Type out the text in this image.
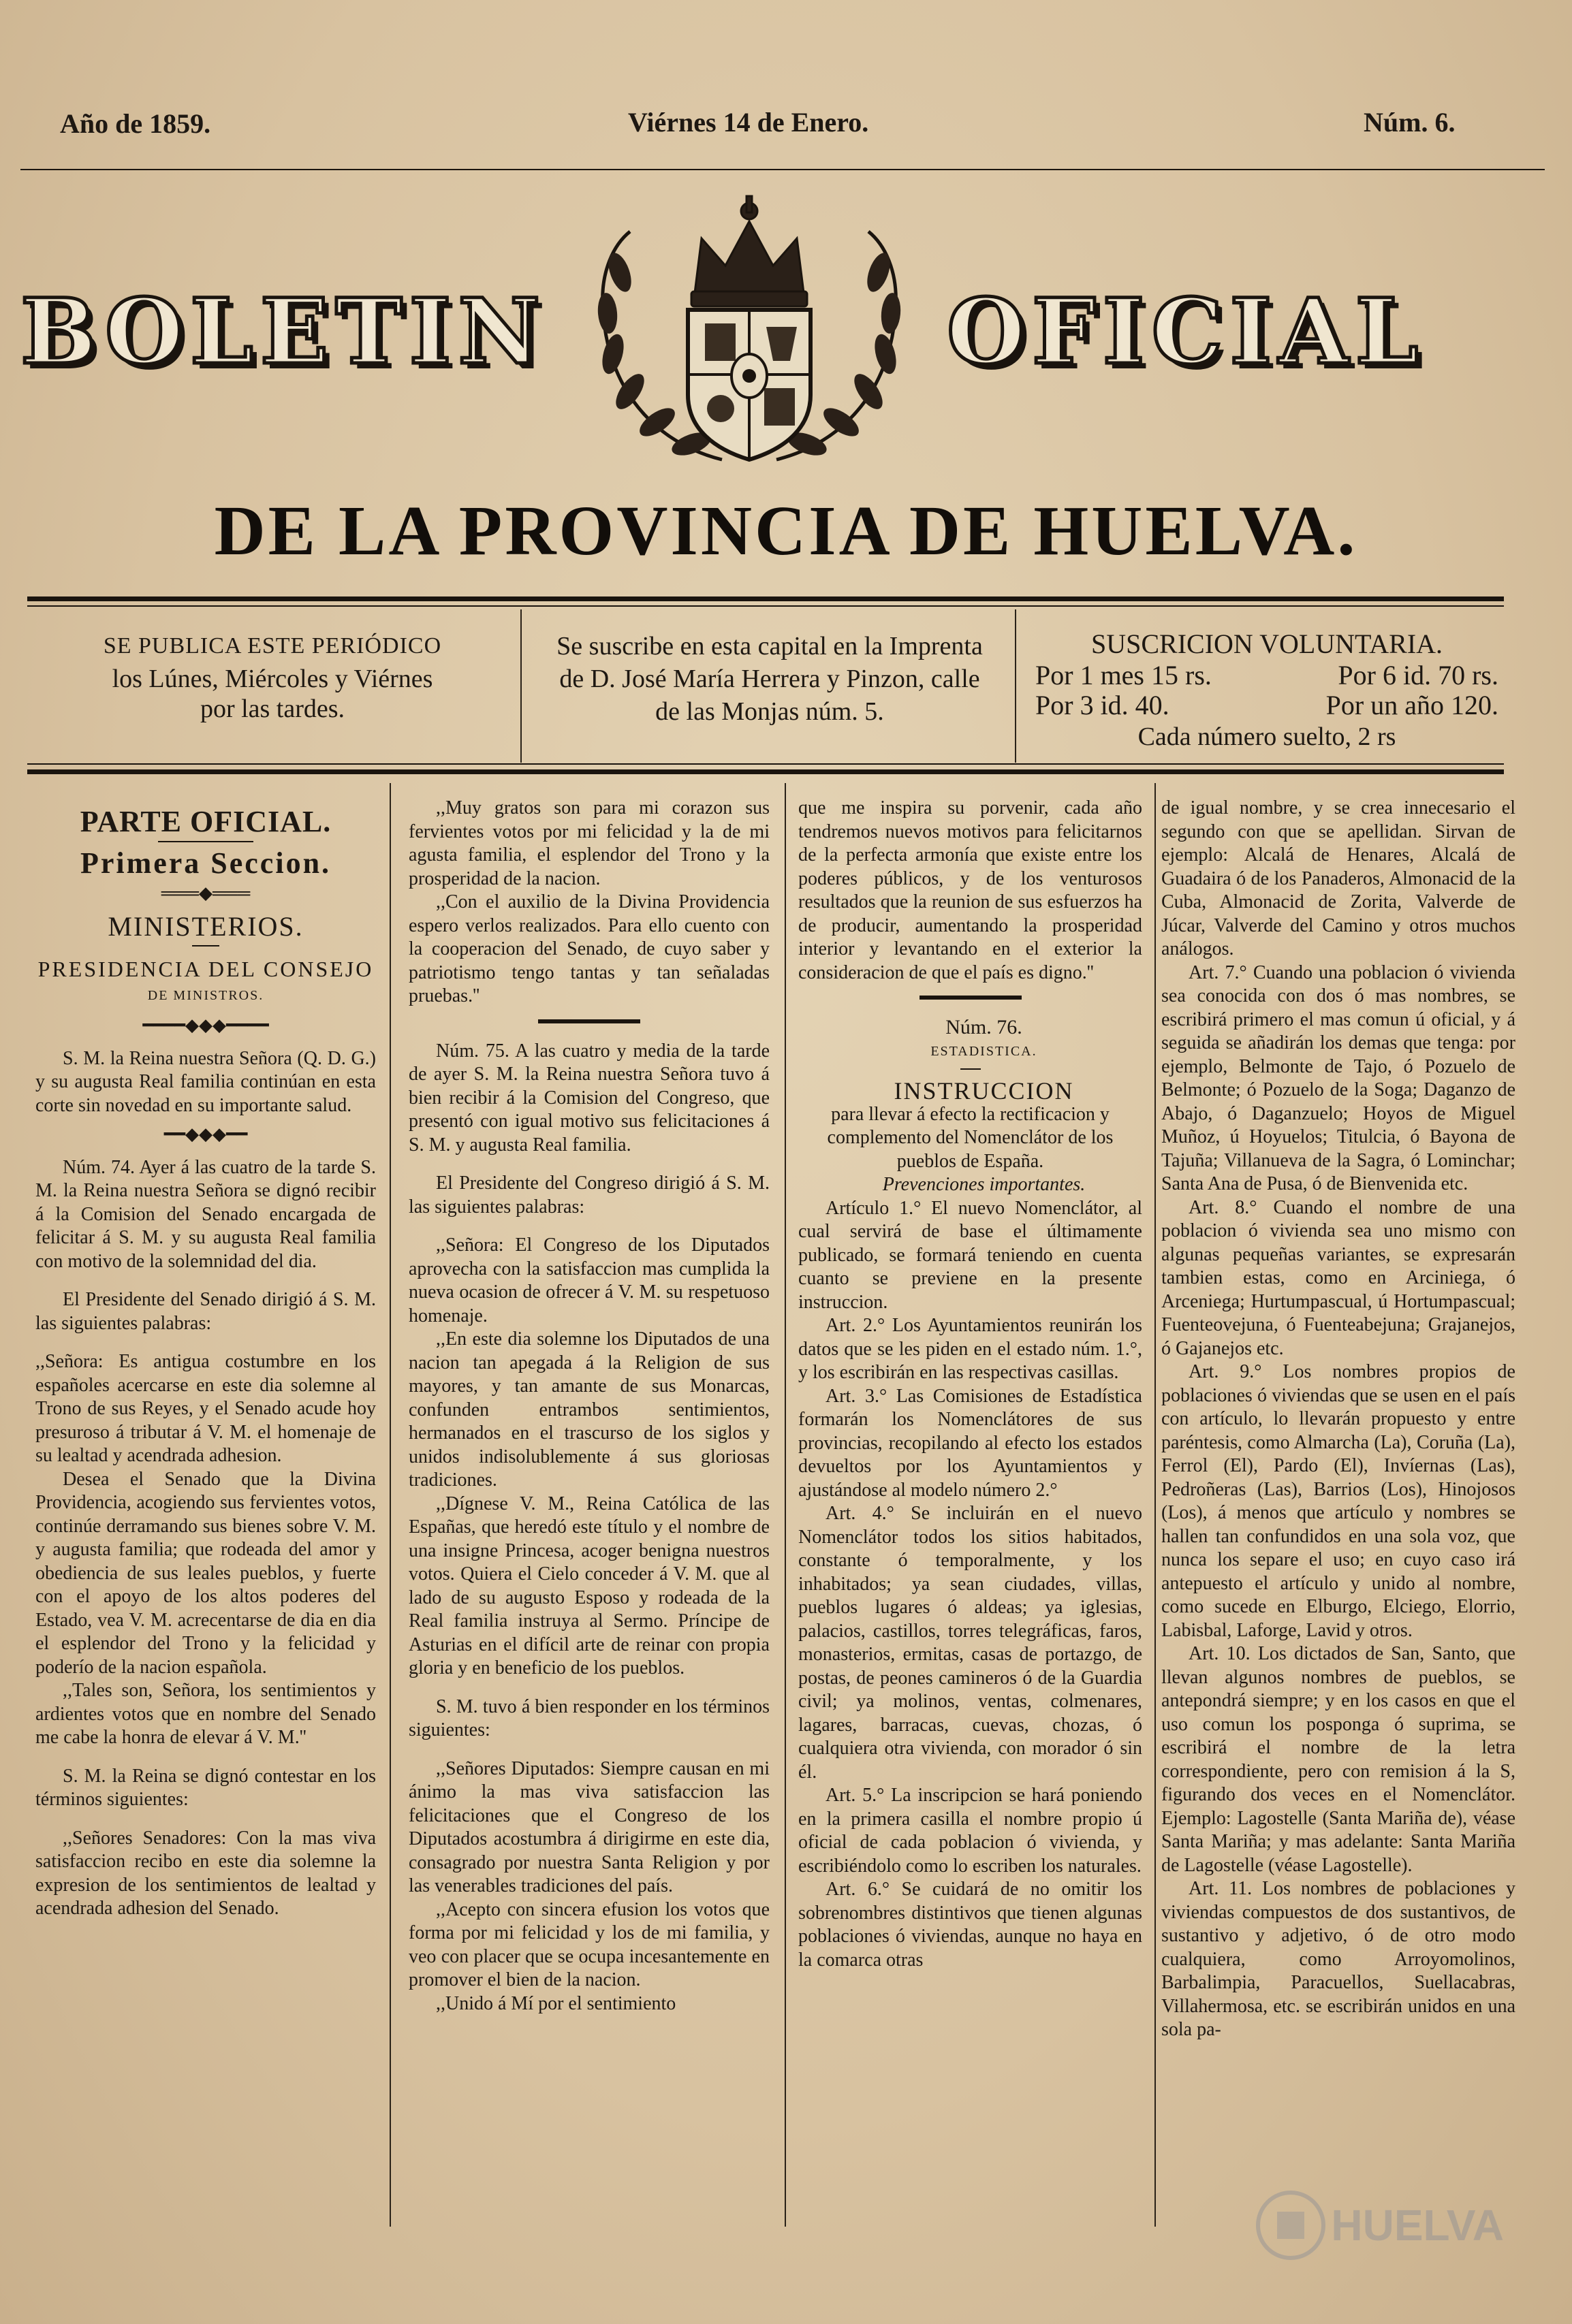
Año de 1859.	Viérnes 14 de Enero.	Núm. 6.
BOLETIN	OFICIAL
DE LA PROVINCIA DE HUELVA.
SE PUBLICA ESTE PERIÓDICO
los Lúnes, Miércoles y Viérnes
por las tardes.
Se suscribe en esta capital en la Imprenta
de D. José María Herrera y Pinzon, calle
de las Monjas núm. 5.
SUSCRICION VOLUNTARIA.
Por 1 mes 15 rs.	Por 6 id. 70 rs.
Por 3 id. 40.	Por un año 120.
Cada número suelto, 2 rs
PARTE OFICIAL.
Primera Seccion.
═══◆═══
MINISTERIOS.
PRESIDENCIA DEL CONSEJO
DE MINISTROS.
━━━━◆◆◆━━━━

S. M. la Reina nuestra Señora (Q. D. G.) y su augusta Real familia continúan en esta corte sin novedad en su importante salud.

━━◆◆◆━━

Núm. 74. Ayer á las cuatro de la tarde S. M. la Reina nuestra Señora se dignó recibir á la Comision del Senado encargada de felicitar á S. M. y su augusta Real familia con motivo de la solemnidad del dia.

El Presidente del Senado dirigió á S. M. las siguientes palabras:

,,Señora: Es antigua costumbre en los españoles acercarse en este dia solemne al Trono de sus Reyes, y el Senado acude hoy presuroso á tributar á V. M. el homenaje de su lealtad y acendrada adhesion.

Desea el Senado que la Divina Providencia, acogiendo sus fervientes votos, continúe derramando sus bienes sobre V. M. y augusta familia; que rodeada del amor y obediencia de sus leales pueblos, y fuerte con el apoyo de los altos poderes del Estado, vea V. M. acrecentarse de dia en dia el esplendor del Trono y la felicidad y poderío de la nacion española.

,,Tales son, Señora, los sentimientos y ardientes votos que en nombre del Senado me cabe la honra de elevar á V. M.''

S. M. la Reina se dignó contestar en los términos siguientes:

,,Señores Senadores: Con la mas viva satisfaccion recibo en este dia solemne la expresion de los sentimientos de lealtad y acendrada adhesion del Senado.

,,Muy gratos son para mi corazon sus fervientes votos por mi felicidad y la de mi agusta familia, el esplendor del Trono y la prosperidad de la nacion.

,,Con el auxilio de la Divina Providencia espero verlos realizados. Para ello cuento con la cooperacion del Senado, de cuyo saber y patriotismo tengo tantas y tan señaladas pruebas.''

Núm. 75. A las cuatro y media de la tarde de ayer S. M. la Reina nuestra Señora tuvo á bien recibir á la Comision del Congreso, que presentó con igual motivo sus felicitaciones á S. M. y augusta Real familia.

El Presidente del Congreso dirigió á S. M. las siguientes palabras:

,,Señora: El Congreso de los Diputados aprovecha con la satisfaccion mas cumplida la nueva ocasion de ofrecer á V. M. su respetuoso homenaje.

,,En este dia solemne los Diputados de una nacion tan apegada á la Religion de sus mayores, y tan amante de sus Monarcas, confunden entrambos sentimientos, hermanados en el trascurso de los siglos y unidos indisolublemente á sus gloriosas tradiciones.

,,Dígnese V. M., Reina Católica de las Españas, que heredó este título y el nombre de una insigne Princesa, acoger benigna nuestros votos. Quiera el Cielo conceder á V. M. que al lado de su augusto Esposo y rodeada de la Real familia instruya al Sermo. Príncipe de Asturias en el difícil arte de reinar con propia gloria y en beneficio de los pueblos.

S. M. tuvo á bien responder en los términos siguientes:

,,Señores Diputados: Siempre causan en mi ánimo la mas viva satisfaccion las felicitaciones que el Congreso de los Diputados acostumbra á dirigirme en este dia, consagrado por nuestra Santa Religion y por las venerables tradiciones del país.

,,Acepto con sincera efusion los votos que forma por mi felicidad y los de mi familia, y veo con placer que se ocupa incesantemente en promover el bien de la nacion.

,,Unido á Mí por el sentimiento

que me inspira su porvenir, cada año tendremos nuevos motivos para felicitarnos de la perfecta armonía que existe entre los poderes públicos, y de los venturosos resultados que la reunion de sus esfuerzos ha de producir, aumentando la prosperidad interior y levantando en el exterior la consideracion de que el país es digno.''

Núm. 76.

ESTADISTICA.

INSTRUCCION

para llevar á efecto la rectificacion y complemento del Nomenclátor de los pueblos de España.

Prevenciones importantes.

Artículo 1.° El nuevo Nomenclátor, al cual servirá de base el últimamente publicado, se formará teniendo en cuenta cuanto se previene en la presente instruccion.

Art. 2.° Los Ayuntamientos reunirán los datos que se les piden en el estado núm. 1.°, y los escribirán en las respectivas casillas.

Art. 3.° Las Comisiones de Estadística formarán los Nomenclátores de sus provincias, recopilando al efecto los estados devueltos por los Ayuntamientos y ajustándose al modelo número 2.°

Art. 4.° Se incluirán en el nuevo Nomenclátor todos los sitios habitados, constante ó temporalmente, y los inhabitados; ya sean ciudades, villas, pueblos lugares ó aldeas; ya iglesias, palacios, castillos, torres telegráficas, faros, monasterios, ermitas, casas de portazgo, de postas, de peones camineros ó de la Guardia civil; ya molinos, ventas, colmenares, lagares, barracas, cuevas, chozas, ó cualquiera otra vivienda, con morador ó sin él.

Art. 5.° La inscripcion se hará poniendo en la primera casilla el nombre propio ú oficial de cada poblacion ó vivienda, y escribiéndolo como lo escriben los naturales.

Art. 6.° Se cuidará de no omitir los sobrenombres distintivos que tienen algunas poblaciones ó viviendas, aunque no haya en la comarca otras

de igual nombre, y se crea innecesario el segundo con que se apellidan. Sirvan de ejemplo: Alcalá de Henares, Alcalá de Guadaira ó de los Panaderos, Almonacid de la Cuba, Almonacid de Zorita, Valverde de Júcar, Valverde del Camino y otros muchos análogos.

Art. 7.° Cuando una poblacion ó vivienda sea conocida con dos ó mas nombres, se escribirá primero el mas comun ú oficial, y á seguida se añadirán los demas que tenga: por ejemplo, Belmonte de Tajo, ó Pozuelo de Belmonte; ó Pozuelo de la Soga; Daganzo de Abajo, ó Daganzuelo; Hoyos de Miguel Muñoz, ú Hoyuelos; Titulcia, ó Bayona de Tajuña; Villanueva de la Sagra, ó Lominchar; Santa Ana de Pusa, ó de Bienvenida etc.

Art. 8.° Cuando el nombre de una poblacion ó vivienda sea uno mismo con algunas pequeñas variantes, se expresarán tambien estas, como en Arciniega, ó Arceniega; Hurtumpascual, ú Hortumpascual; Fuenteovejuna, ó Fuenteabejuna; Grajanejos, ó Gajanejos etc.

Art. 9.° Los nombres propios de poblaciones ó viviendas que se usen en el país con artículo, lo llevarán propuesto y entre paréntesis, como Almarcha (La), Coruña (La), Ferrol (El), Pardo (El), Invíernas (Las), Pedroñeras (Las), Barrios (Los), Hinojosos (Los), á menos que artículo y nombres se hallen tan confundidos en una sola voz, que nunca los separe el uso; en cuyo caso irá antepuesto el artículo y unido al nombre, como sucede en Elburgo, Elciego, Elorrio, Labisbal, Laforge, Lavid y otros.

Art. 10. Los dictados de San, Santo, que llevan algunos nombres de pueblos, se antepondrá siempre; y en los casos en que el uso comun los posponga ó suprima, se escribirá el nombre de la letra correspondiente, pero con remision á la S, figurando dos veces en el Nomenclátor. Ejemplo: Lagostelle (Santa Mariña de), véase Santa Mariña; y mas adelante: Santa Mariña de Lagostelle (véase Lagostelle).

Art. 11. Los nombres de poblaciones y viviendas compuestos de dos sustantivos, de sustantivo y adjetivo, ó de otro modo cualquiera, como Arroyomolinos, Barbalimpia, Paracuellos, Suellacabras, Villahermosa, etc. se escribirán unidos en una sola pa-

HUELVA
